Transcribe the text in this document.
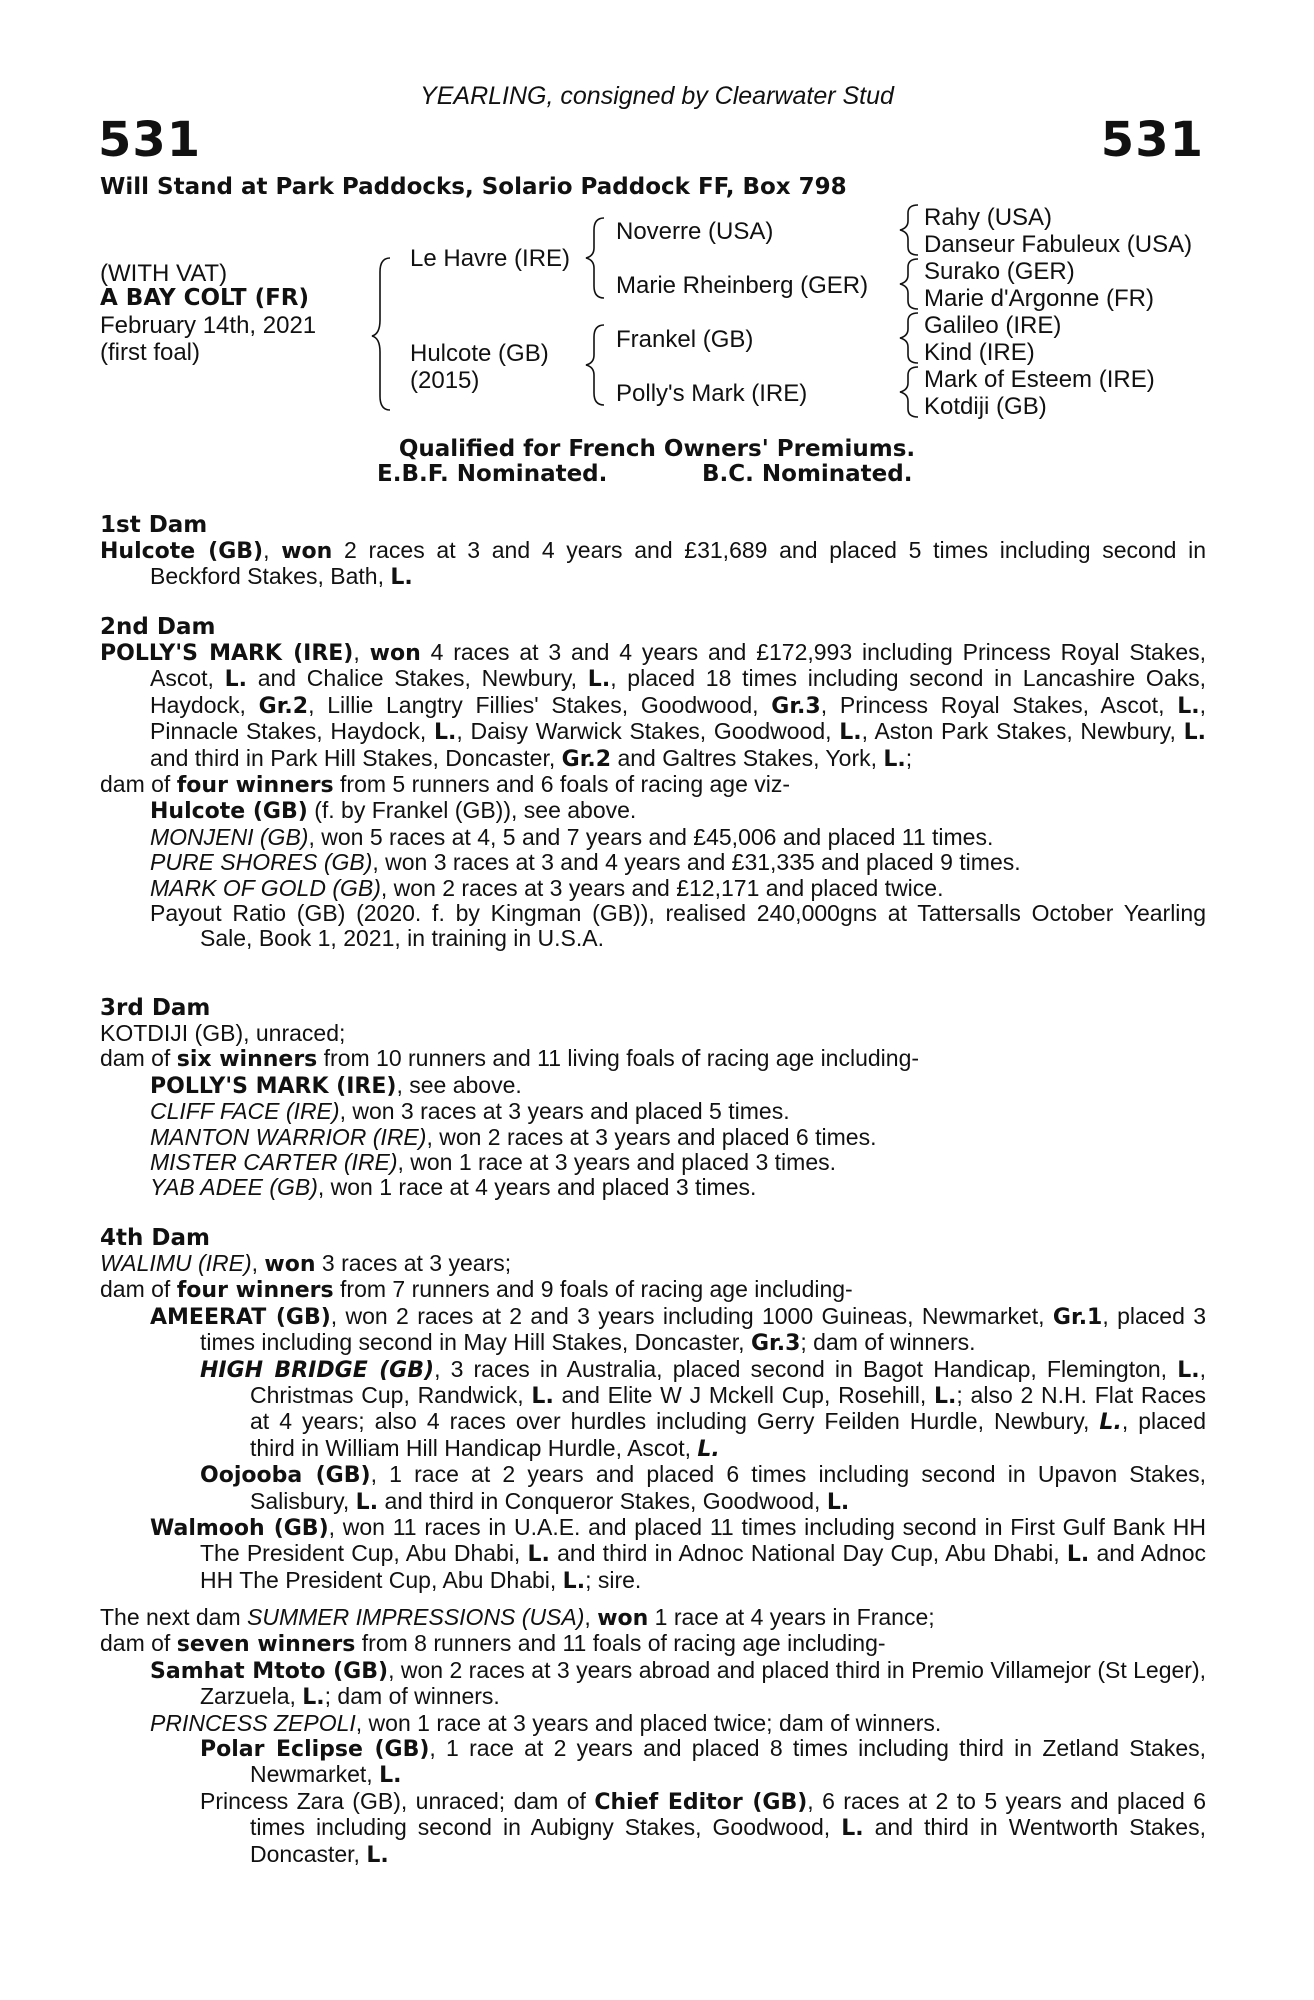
YEARLING, consigned by Clearwater Stud
531	531
Will Stand at Park Paddocks, Solario Paddock FF, Box 798
(WITH VAT)
A BAY COLT (FR)
February 14th, 2021
(first foal)
Le Havre (IRE)
Hulcote (GB)
(2015)
Noverre (USA)
Marie Rheinberg (GER)
Frankel (GB)
Polly's Mark (IRE)
Rahy (USA)
Danseur Fabuleux (USA)
Surako (GER)
Marie d'Argonne (FR)
Galileo (IRE)
Kind (IRE)
Mark of Esteem (IRE)
Kotdiji (GB)
Qualified for French Owners' Premiums.
E.B.F. Nominated.	B.C. Nominated.

1st Dam

Hulcote (GB), won 2 races at 3 and 4 years and £31,689 and placed 5 times including second in Beckford Stakes, Bath, L.

2nd Dam

POLLY'S MARK (IRE), won 4 races at 3 and 4 years and £172,993 including Princess Royal Stakes, Ascot, L. and Chalice Stakes, Newbury, L., placed 18 times including second in Lancashire Oaks, Haydock, Gr.2, Lillie Langtry Fillies' Stakes, Goodwood, Gr.3, Princess Royal Stakes, Ascot, L., Pinnacle Stakes, Haydock, L., Daisy Warwick Stakes, Goodwood, L., Aston Park Stakes, Newbury, L. and third in Park Hill Stakes, Doncaster, Gr.2 and Galtres Stakes, York, L.;

dam of four winners from 5 runners and 6 foals of racing age viz-

Hulcote (GB) (f. by Frankel (GB)), see above.

MONJENI (GB), won 5 races at 4, 5 and 7 years and £45,006 and placed 11 times.

PURE SHORES (GB), won 3 races at 3 and 4 years and £31,335 and placed 9 times.

MARK OF GOLD (GB), won 2 races at 3 years and £12,171 and placed twice.

Payout Ratio (GB) (2020. f. by Kingman (GB)), realised 240,000gns at Tattersalls October Yearling Sale, Book 1, 2021, in training in U.S.A.

3rd Dam

KOTDIJI (GB), unraced;

dam of six winners from 10 runners and 11 living foals of racing age including-

POLLY'S MARK (IRE), see above.

CLIFF FACE (IRE), won 3 races at 3 years and placed 5 times.

MANTON WARRIOR (IRE), won 2 races at 3 years and placed 6 times.

MISTER CARTER (IRE), won 1 race at 3 years and placed 3 times.

YAB ADEE (GB), won 1 race at 4 years and placed 3 times.

4th Dam

WALIMU (IRE), won 3 races at 3 years;

dam of four winners from 7 runners and 9 foals of racing age including-

AMEERAT (GB), won 2 races at 2 and 3 years including 1000 Guineas, Newmarket, Gr.1, placed 3 times including second in May Hill Stakes, Doncaster, Gr.3; dam of winners.

HIGH BRIDGE (GB), 3 races in Australia, placed second in Bagot Handicap, Flemington, L., Christmas Cup, Randwick, L. and Elite W J Mckell Cup, Rosehill, L.; also 2 N.H. Flat Races at 4 years; also 4 races over hurdles including Gerry Feilden Hurdle, Newbury, L., placed third in William Hill Handicap Hurdle, Ascot, L.

Oojooba (GB), 1 race at 2 years and placed 6 times including second in Upavon Stakes, Salisbury, L. and third in Conqueror Stakes, Goodwood, L.

Walmooh (GB), won 11 races in U.A.E. and placed 11 times including second in First Gulf Bank HH The President Cup, Abu Dhabi, L. and third in Adnoc National Day Cup, Abu Dhabi, L. and Adnoc HH The President Cup, Abu Dhabi, L.; sire.

The next dam SUMMER IMPRESSIONS (USA), won 1 race at 4 years in France;

dam of seven winners from 8 runners and 11 foals of racing age including-

Samhat Mtoto (GB), won 2 races at 3 years abroad and placed third in Premio Villamejor (St Leger), Zarzuela, L.; dam of winners.

PRINCESS ZEPOLI, won 1 race at 3 years and placed twice; dam of winners.

Polar Eclipse (GB), 1 race at 2 years and placed 8 times including third in Zetland Stakes, Newmarket, L.

Princess Zara (GB), unraced; dam of Chief Editor (GB), 6 races at 2 to 5 years and placed 6 times including second in Aubigny Stakes, Goodwood, L. and third in Wentworth Stakes, Doncaster, L.
